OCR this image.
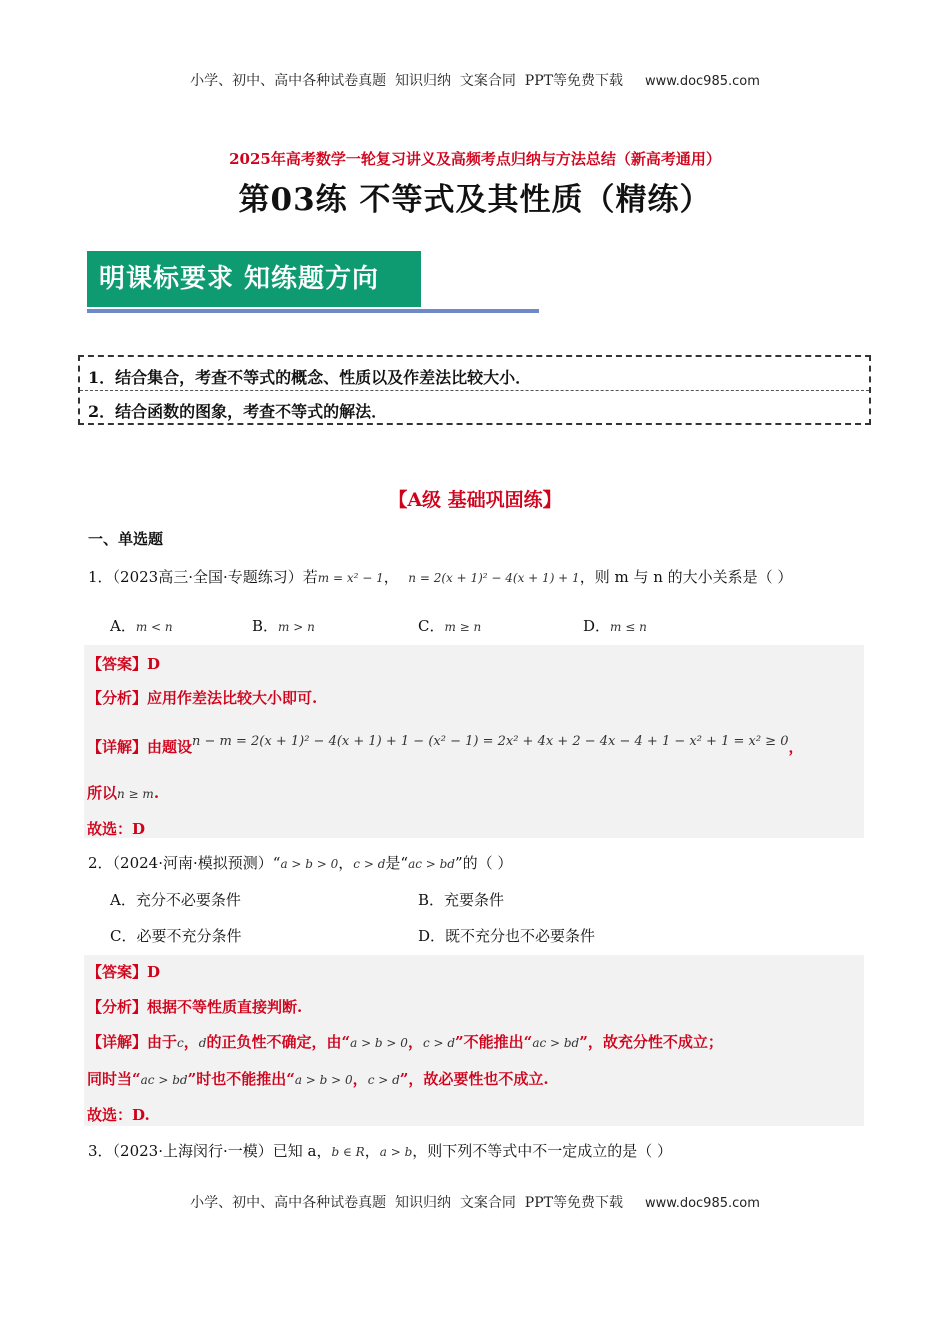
小学、初中、高中各种试卷真题  知识归纳  文案合同  PPT等免费下载 www.doc985.com
2025年高考数学一轮复习讲义及高频考点归纳与方法总结（新高考通用）
第03练 不等式及其性质（精练）
明课标要求 知练题方向
1．结合集合，考查不等式的概念、性质以及作差法比较大小．
2．结合函数的图象，考查不等式的解法．
【A级 基础巩固练】
一、单选题
1．（2023高三·全国·专题练习）若m = x² − 1， n = 2(x + 1)² − 4(x + 1) + 1，则 m 与 n 的大小关系是（ ）
A．m < n	B．m > n	C．m ≥ n	D．m ≤ n
【答案】D
【分析】应用作差法比较大小即可.
【详解】由题设n − m = 2(x + 1)² − 4(x + 1) + 1 − (x² − 1) = 2x² + 4x + 2 − 4x − 4 + 1 − x² + 1 = x² ≥ 0，
所以n ≥ m.
故选：D
2．（2024·河南·模拟预测）“a > b > 0，c > d是“ac > bd”的（ ）
A．充分不必要条件	B．充要条件
C．必要不充分条件	D．既不充分也不必要条件
【答案】D
【分析】根据不等性质直接判断.
【详解】由于c，d的正负性不确定，由“a > b > 0，c > d”不能推出“ac > bd”，故充分性不成立；
同时当“ac > bd”时也不能推出“a > b > 0，c > d”，故必要性也不成立.
故选：D.
3．（2023·上海闵行·一模）已知 a，b ∈ R，a > b，则下列不等式中不一定成立的是（ ）
小学、初中、高中各种试卷真题  知识归纳  文案合同  PPT等免费下载 www.doc985.com
